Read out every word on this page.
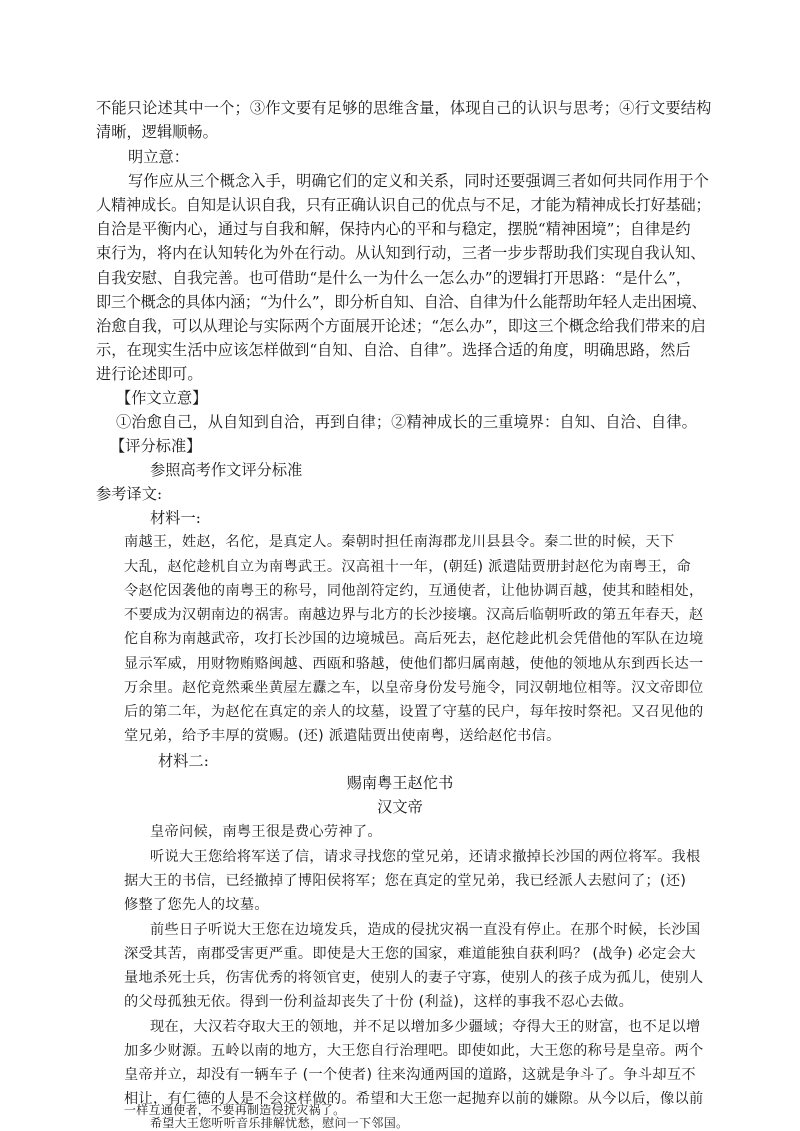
不能只论述其中一个；③作文要有足够的思维含量，体现自己的认识与思考；④行文要结构
清晰，逻辑顺畅。
明立意：
写作应从三个概念入手，明确它们的定义和关系，同时还要强调三者如何共同作用于个
人精神成长。自知是认识自我，只有正确认识自己的优点与不足，才能为精神成长打好基础；
自洽是平衡内心，通过与自我和解，保持内心的平和与稳定，摆脱“精神困境”；自律是约
束行为，将内在认知转化为外在行动。从认知到行动，三者一步步帮助我们实现自我认知、
自我安慰、自我完善。也可借助“是什么一为什么一怎么办”的逻辑打开思路：“是什么”，
即三个概念的具体内涵；“为什么”，即分析自知、自洽、自律为什么能帮助年轻人走出困境、
治愈自我，可以从理论与实际两个方面展开论述；“怎么办”，即这三个概念给我们带来的启
示，在现实生活中应该怎样做到“自知、自洽、自律”。选择合适的角度，明确思路，然后
进行论述即可。
【作文立意】
①治愈自己，从自知到自洽，再到自律；②精神成长的三重境界：自知、自洽、自律。
【评分标准】
参照高考作文评分标准
参考译文:
材料一:
南越王，姓赵，名佗，是真定人。秦朝时担任南海郡龙川县县令。秦二世的时候，天下
大乱，赵佗趁机自立为南粤武王。汉高祖十一年，(朝廷) 派遣陆贾册封赵佗为南粤王，命
令赵佗因袭他的南粤王的称号，同他剖符定约，互通使者，让他协调百越，使其和睦相处，
不要成为汉朝南边的祸害。南越边界与北方的长沙接壤。汉高后临朝听政的第五年春天，赵
佗自称为南越武帝，攻打长沙国的边境城邑。高后死去，赵佗趁此机会凭借他的军队在边境
显示军威，用财物贿赂闽越、西瓯和骆越，使他们都归属南越，使他的领地从东到西长达一
万余里。赵佗竟然乘坐黄屋左纛之车，以皇帝身份发号施令，同汉朝地位相等。汉文帝即位
后的第二年，为赵佗在真定的亲人的坟墓，设置了守墓的民户，每年按时祭祀。又召见他的
堂兄弟，给予丰厚的赏赐。(还) 派遣陆贾出使南粤，送给赵佗书信。
材料二:
赐南粤王赵佗书
汉文帝
皇帝问候，南粤王很是费心劳神了。
听说大王您给将军送了信，请求寻找您的堂兄弟，还请求撤掉长沙国的两位将军。我根
据大王的书信，已经撤掉了博阳侯将军；您在真定的堂兄弟，我已经派人去慰问了；(还)
修整了您先人的坟墓。
前些日子听说大王您在边境发兵，造成的侵扰灾祸一直没有停止。在那个时候，长沙国
深受其苦，南郡受害更严重。即使是大王您的国家，难道能独自获利吗？ (战争) 必定会大
量地杀死士兵，伤害优秀的将领官吏，使别人的妻子守寡，使别人的孩子成为孤儿，使别人
的父母孤独无依。得到一份利益却丧失了十份 (利益)，这样的事我不忍心去做。
现在，大汉若夺取大王的领地，并不足以增加多少疆域；夺得大王的财富，也不足以增
加多少财源。五岭以南的地方，大王您自行治理吧。即使如此，大王您的称号是皇帝。两个
皇帝并立，却没有一辆车子 (一个使者) 往来沟通两国的道路，这就是争斗了。争斗却互不
相让，有仁德的人是不会这样做的。希望和大王您一起抛弃以前的嫌隙。从今以后，像以前
一样互通使者，不要再制造侵扰灾祸了。
希望大王您听听音乐排解忧愁，慰问一下邻国。
